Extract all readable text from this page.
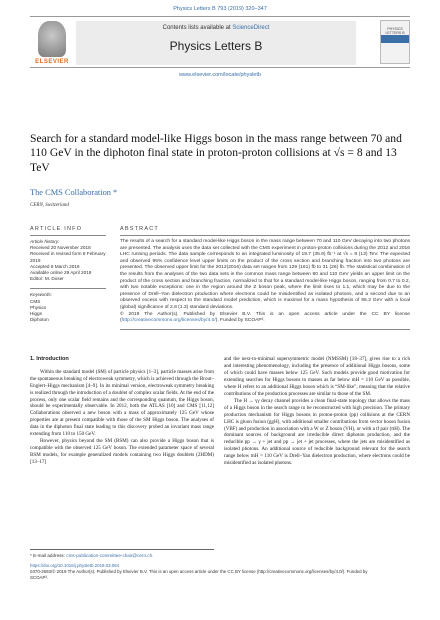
Physics Letters B 793 (2019) 320–347
ELSEVIER
Contents lists available at ScienceDirect
Physics Letters B
PHYSICS LETTERS B
www.elsevier.com/locate/physletb
Search for a standard model-like Higgs boson in the mass range between 70 and 110 GeV in the diphoton final state in proton-proton collisions at √s = 8 and 13 TeV
The CMS Collaboration *
CERN, Switzerland
ARTICLE INFO
Article history:
Received 20 November 2018
Received in revised form 8 February 2019
Accepted 8 March 2019
Available online 29 April 2019
Editor: M. Doser
Keywords:
CMS
Physics
Higgs
Diphoton
ABSTRACT
The results of a search for a standard model-like Higgs boson in the mass range between 70 and 110 GeV decaying into two photons are presented. The analysis uses the data set collected with the CMS experiment in proton-proton collisions during the 2012 and 2016 LHC running periods. The data sample corresponds to an integrated luminosity of 19.7 (35.9) fb⁻¹ at √s = 8 (13) TeV. The expected and observed 95% confidence level upper limits on the product of the cross section and branching fraction into two photons are presented. The observed upper limit for the 2012(2016) data set ranges from 129 (161) fb to 31 (26) fb. The statistical combination of the results from the analyses of the two data sets in the common mass range between 80 and 110 GeV yields an upper limit on the product of the cross section and branching fraction, normalized to that for a standard model-like Higgs boson, ranging from 0.7 to 0.2, with two notable exceptions: one in the region around the Z boson peak, where the limit rises to 1.1, which may be due to the presence of Drell–Yan dielectron production where electrons could be misidentified as isolated photons, and a second due to an observed excess with respect to the standard model prediction, which is maximal for a mass hypothesis of 95.3 GeV with a local (global) significance of 2.8 (1.3) standard deviations.
© 2019 The Author(s). Published by Elsevier B.V. This is an open access article under the CC BY license (http://creativecommons.org/licenses/by/4.0/). Funded by SCOAP³.
1. Introduction

Within the standard model (SM) of particle physics [1–3], particle masses arise from the spontaneous breaking of electroweak symmetry, which is achieved through the Brout–Englert–Higgs mechanism [4–9]. In its minimal version, electroweak symmetry breaking is realized through the introduction of a doublet of complex scalar fields. At the end of the process, only one scalar field remains and the corresponding quantum, the Higgs boson, should be experimentally observable. In 2012, both the ATLAS [10] and CMS [11,12] Collaborations observed a new boson with a mass of approximately 125 GeV whose properties are at present compatible with those of the SM Higgs boson. The analyses of data in the diphoton final state leading to this discovery probed an invariant mass range extending from 110 to 150 GeV.

However, physics beyond the SM (BSM) can also provide a Higgs boson that is compatible with the observed 125 GeV boson. The extended parameter space of several BSM models, for example generalized models containing two Higgs doublets (2HDM) [13–17]

and the next-to-minimal supersymmetric model (NMSSM) [18–37], gives rise to a rich and interesting phenomenology, including the presence of additional Higgs bosons, some of which could have masses below 125 GeV. Such models provide good motivation for extending searches for Higgs bosons to masses as far below mH = 110 GeV as possible, where H refers to an additional Higgs boson which is “SM-like”, meaning that the relative contributions of the production processes are similar to those of the SM.

The H → γγ decay channel provides a clean final-state topology that allows the mass of a Higgs boson in the search range to be reconstructed with high precision. The primary production mechanism for Higgs bosons in proton-proton (pp) collisions at the CERN LHC is gluon fusion (ggH), with additional smaller contributions from vector boson fusion (VBF) and production in association with a W or Z boson (VH), or with a tt̄ pair (ttH). The dominant sources of background are irreducible direct diphoton production, and the reducible pp → γ + jet and pp → jet + jet processes, where the jets are misidentified as isolated photons. An additional source of reducible background relevant for the search range below mH = 110 GeV is Drell–Yan dielectron production, where electrons could be misidentified as isolated photons.

* E-mail address: cms-publication-committee-chair@cern.ch.
https://doi.org/10.1016/j.physletb.2019.03.064
0370-2693/© 2019 The Author(s). Published by Elsevier B.V. This is an open access article under the CC BY license (http://creativecommons.org/licenses/by/4.0/). Funded by
SCOAP³.
